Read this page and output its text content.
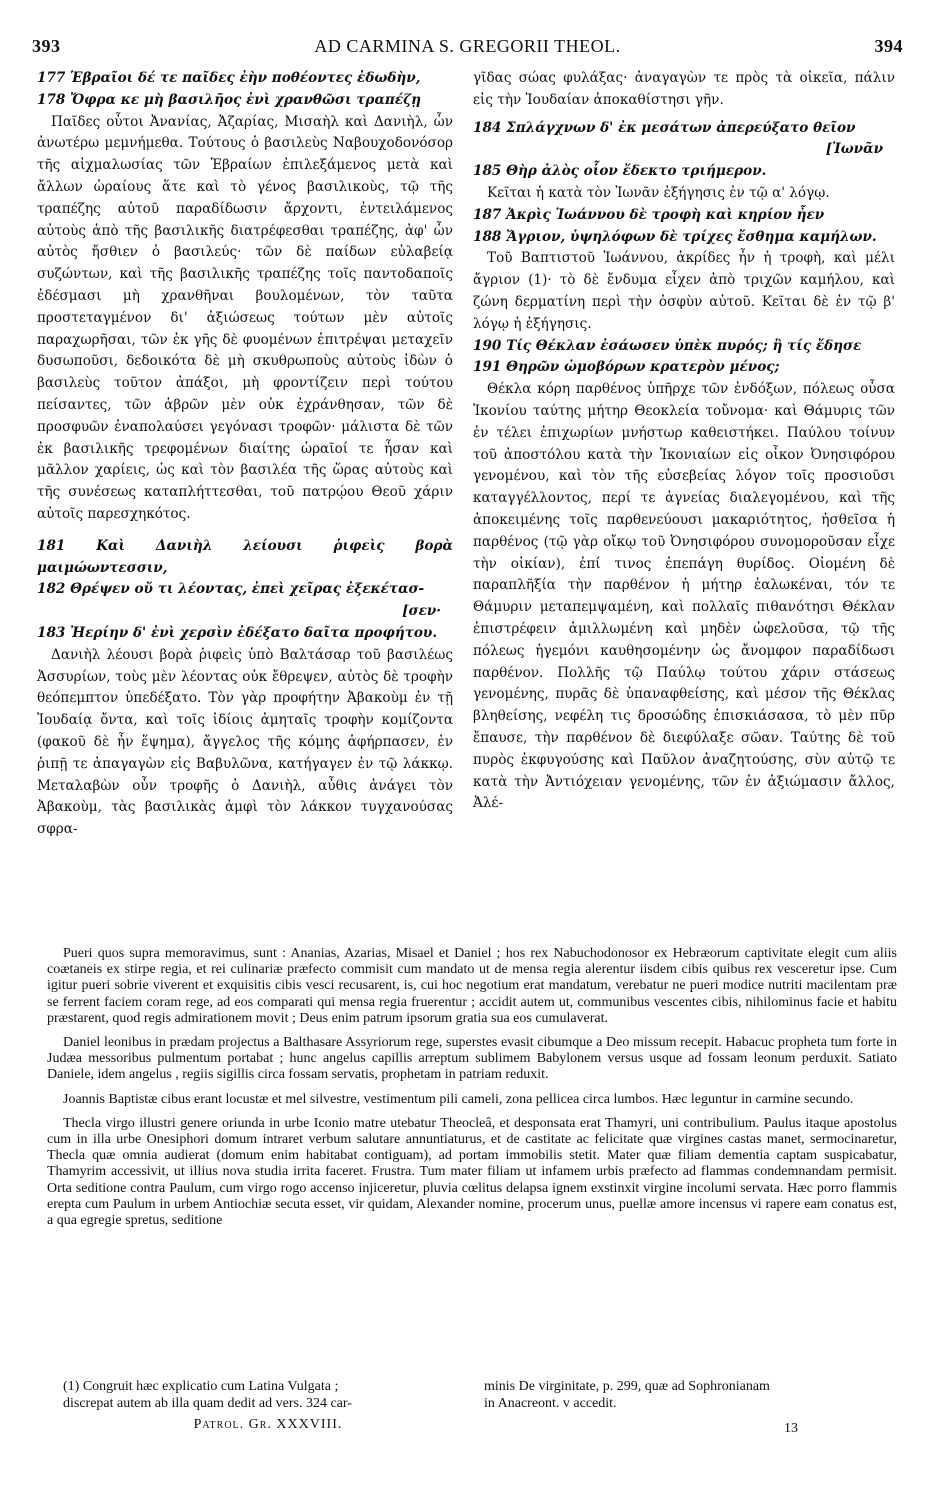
393	AD CARMINA S. GREGORII THEOL.	394

177 Ἑβραῖοι δέ τε παῖδες ἐὴν ποθέοντες ἐδωδὴν,

178 Ὄφρα κε μὴ βασιλῆος ἐνὶ χρανθῶσι τραπέζῃ

Παῖδες οὗτοι Ἀνανίας, Ἀζαρίας, Μισαὴλ καὶ Δανιὴλ, ὧν ἀνωτέρω μεμνήμεθα. Τούτους ὁ βασιλεὺς Ναβουχοδονόσορ τῆς αἰχμαλωσίας τῶν Ἑβραίων ἐπιλεξάμενος μετὰ καὶ ἄλλων ὡραίους ἅτε καὶ τὸ γένος βασιλικοὺς, τῷ τῆς τραπέζης αὐτοῦ παραδίδωσιν ἄρχοντι, ἐντειλάμενος αὐτοὺς ἀπὸ τῆς βασιλικῆς διατρέφεσθαι τραπέζης, ἀφ' ὧν αὐτὸς ἤσθιεν ὁ βασιλεύς· τῶν δὲ παίδων εὐλαβείᾳ συζώντων, καὶ τῆς βασιλικῆς τραπέζης τοῖς παντοδαποῖς ἐδέσμασι μὴ χρανθῆναι βουλομένων, τὸν ταῦτα προστεταγμένον δι' ἀξιώσεως τούτων μὲν αὐτοῖς παραχωρῆσαι, τῶν ἐκ γῆς δὲ φυομένων ἐπιτρέψαι μεταχεῖν δυσωποῦσι, δεδοικότα δὲ μὴ σκυθρωποὺς αὐτοὺς ἰδὼν ὁ βασιλεὺς τοῦτον ἀπάξοι, μὴ φροντίζειν περὶ τούτου πείσαντες, τῶν ἁβρῶν μὲν οὐκ ἐχράνθησαν, τῶν δὲ προσφυῶν ἐναπολαύσει γεγόνασι τροφῶν· μάλιστα δὲ τῶν ἐκ βασιλικῆς τρεφομένων διαίτης ὡραῖοί τε ἦσαν καὶ μᾶλλον χαρίεις, ὡς καὶ τὸν βασιλέα τῆς ὥρας αὐτοὺς καὶ τῆς συνέσεως καταπλήττεσθαι, τοῦ πατρῴου Θεοῦ χάριν αὐτοῖς παρεσχηκότος.

181 Καὶ Δανιὴλ λείουσι ῥιφεὶς βορὰ μαιμώωντεσσιν,

182 Θρέψεν οὔ τι λέοντας, ἐπεὶ χεῖρας ἐξεκέτασ-

[σεν·

183 Ἠερίην δ' ἐνὶ χερσὶν ἐδέξατο δαῖτα προφήτου.

Δανιὴλ λέουσι βορὰ ῥιφεὶς ὑπὸ Βαλτάσαρ τοῦ βασιλέως Ἀσσυρίων, τοὺς μὲν λέοντας οὐκ ἔθρεψεν, αὐτὸς δὲ τροφὴν θεόπεμπτον ὑπεδέξατο. Τὸν γὰρ προφήτην Ἀβακοὺμ ἐν τῇ Ἰουδαίᾳ ὄντα, καὶ τοῖς ἰδίοις ἀμηταῖς τροφὴν κομίζοντα (φακοῦ δὲ ἦν ἕψημα), ἄγγελος τῆς κόμης ἁφήρπασεν, ἐν ῥιπῇ τε ἀπαγαγὼν εἰς Βαβυλῶνα, κατήγαγεν ἐν τῷ λάκκῳ. Μεταλαβὼν οὖν τροφῆς ὁ Δανιὴλ, αὖθις ἀνάγει τὸν Ἀβακοὺμ, τὰς βασιλικὰς ἀμφὶ τὸν λάκκον τυγχανούσας σφρα-

γῖδας σώας φυλάξας· ἀναγαγὼν τε πρὸς τὰ οἰκεῖα, πάλιν εἰς τὴν Ἰουδαίαν ἀποκαθίστησι γῆν.

184 Σπλάγχνων δ' ἐκ μεσάτων ἀπερεύξατο θεῖον

[Ἰωνᾶν

185 Θὴρ ἁλὸς οἷον ἔδεκτο τριήμερον.

Κεῖται ἡ κατὰ τὸν Ἰωνᾶν ἐξήγησις ἐν τῷ α' λόγῳ.

187 Ἀκρὶς Ἰωάννου δὲ τροφὴ καὶ κηρίον ἦεν

188 Ἄγριον, ὑψηλόφων δὲ τρίχες ἔσθημα καμήλων.

Τοῦ Βαπτιστοῦ Ἰωάννου, ἀκρίδες ἦν ἡ τροφὴ, καὶ μέλι ἄγριον (1)· τὸ δὲ ἔνδυμα εἶχεν ἀπὸ τριχῶν καμήλου, καὶ ζώνη δερματίνη περὶ τὴν ὀσφὺν αὐτοῦ. Κεῖται δὲ ἐν τῷ β' λόγῳ ἡ ἐξήγησις.

190 Τίς Θέκλαν ἐσάωσεν ὑπὲκ πυρός; ἢ τίς ἔδησε

191 Θηρῶν ὠμοβόρων κρατερὸν μένος;

Θέκλα κόρη παρθένος ὑπῆρχε τῶν ἐνδόξων, πόλεως οὖσα Ἰκονίου ταύτης μήτηρ Θεοκλεία τοὔνομα· καὶ Θάμυρις τῶν ἐν τέλει ἐπιχωρίων μνήστωρ καθειστήκει. Παύλου τοίνυν τοῦ ἀποστόλου κατὰ τὴν Ἰκονιαίων εἰς οἶκον Ὀνησιφόρου γενομένου, καὶ τὸν τῆς εὐσεβείας λόγον τοῖς προσιοῦσι καταγγέλλοντος, περί τε ἁγνείας διαλεγομένου, καὶ τῆς ἀποκειμένης τοῖς παρθενεύουσι μακαριότητος, ἠσθεῖσα ἡ παρθένος (τῷ γὰρ οἴκῳ τοῦ Ὀνησιφόρου συνομοροῦσαν εἶχε τὴν οἰκίαν), ἐπί τινος ἐπεπάγη θυρίδος. Οἰομένη δὲ παραπλῆξία τὴν παρθένον ἡ μήτηρ ἑαλωκέναι, τόν τε Θάμυριν μεταπεμψαμένη, καὶ πολλαῖς πιθανότησι Θέκλαν ἐπιστρέφειν ἁμιλλωμένη καὶ μηδὲν ὠφελοῦσα, τῷ τῆς πόλεως ἡγεμόνι καυθησομένην ὡς ἄνομφον παραδίδωσι παρθένον. Πολλῆς τῷ Παύλῳ τούτου χάριν στάσεως γενομένης, πυρᾶς δὲ ὑπαναφθείσης, καὶ μέσον τῆς Θέκλας βληθείσης, νεφέλη τις δροσώδης ἐπισκιάσασα, τὸ μὲν πῦρ ἔπαυσε, τὴν παρθένον δὲ διεφύλαξε σῶαν. Ταύτης δὲ τοῦ πυρὸς ἐκφυγούσης καὶ Παῦλον ἀναζητούσης, σὺν αὐτῷ τε κατὰ τὴν Ἀντιόχειαν γενομένης, τῶν ἐν ἀξιώμασιν ἄλλος, Ἀλέ-

Pueri quos supra memoravimus, sunt : Ananias, Azarias, Misael et Daniel ; hos rex Nabuchodonosor ex Hebræorum captivitate elegit cum aliis coætaneis ex stirpe regia, et rei culinariæ præfecto commisit cum mandato ut de mensa regia alerentur iisdem cibis quibus rex vesceretur ipse. Cum igitur pueri sobrie viverent et exquisitis cibis vesci recusarent, is, cui hoc negotium erat mandatum, verebatur ne pueri modice nutriti macilentam præ se ferrent faciem coram rege, ad eos comparati qui mensa regia fruerentur ; accidit autem ut, communibus vescentes cibis, nihilominus facie et habitu præstarent, quod regis admirationem movit ; Deus enim patrum ipsorum gratia sua eos cumulaverat.

Daniel leonibus in prædam projectus a Balthasare Assyriorum rege, superstes evasit cibumque a Deo missum recepit. Habacuc propheta tum forte in Judæa messoribus pulmentum portabat ; hunc angelus capillis arreptum sublimem Babylonem versus usque ad fossam leonum perduxit. Satiato Daniele, idem angelus , regiis sigillis circa fossam servatis, prophetam in patriam reduxit.

Joannis Baptistæ cibus erant locustæ et mel silvestre, vestimentum pili cameli, zona pellicea circa lumbos. Hæc leguntur in carmine secundo.

Thecla virgo illustri genere oriunda in urbe Iconio matre utebatur Theocleâ, et desponsata erat Thamyri, uni contribulium. Paulus itaque apostolus cum in illa urbe Onesiphori domum intraret verbum salutare annuntiaturus, et de castitate ac felicitate quæ virgines castas manet, sermocinaretur, Thecla quæ omnia audierat (domum enim habitabat contiguam), ad portam immobilis stetit. Mater quæ filiam dementia captam suspicabatur, Thamyrim accessivit, ut illius nova studia irrita faceret. Frustra. Tum mater filiam ut infamem urbis præfecto ad flammas condemnandam permisit. Orta seditione contra Paulum, cum virgo rogo accenso injiceretur, pluvia cœlitus delapsa ignem exstinxit virgine incolumi servata. Hæc porro flammis erepta cum Paulum in urbem Antiochiæ secuta esset, vir quidam, Alexander nomine, procerum unus, puellæ amore incensus vi rapere eam conatus est, a qua egregie spretus, seditione

(1) Congruit hæc explicatio cum Latina Vulgata ;
discrepat autem ab illa quam dedit ad vers. 324 car-
Patrol. Gr. XXXVIII.
minis De virginitate, p. 299, quæ ad Sophronianam
in Anacreont. v accedit.
13
